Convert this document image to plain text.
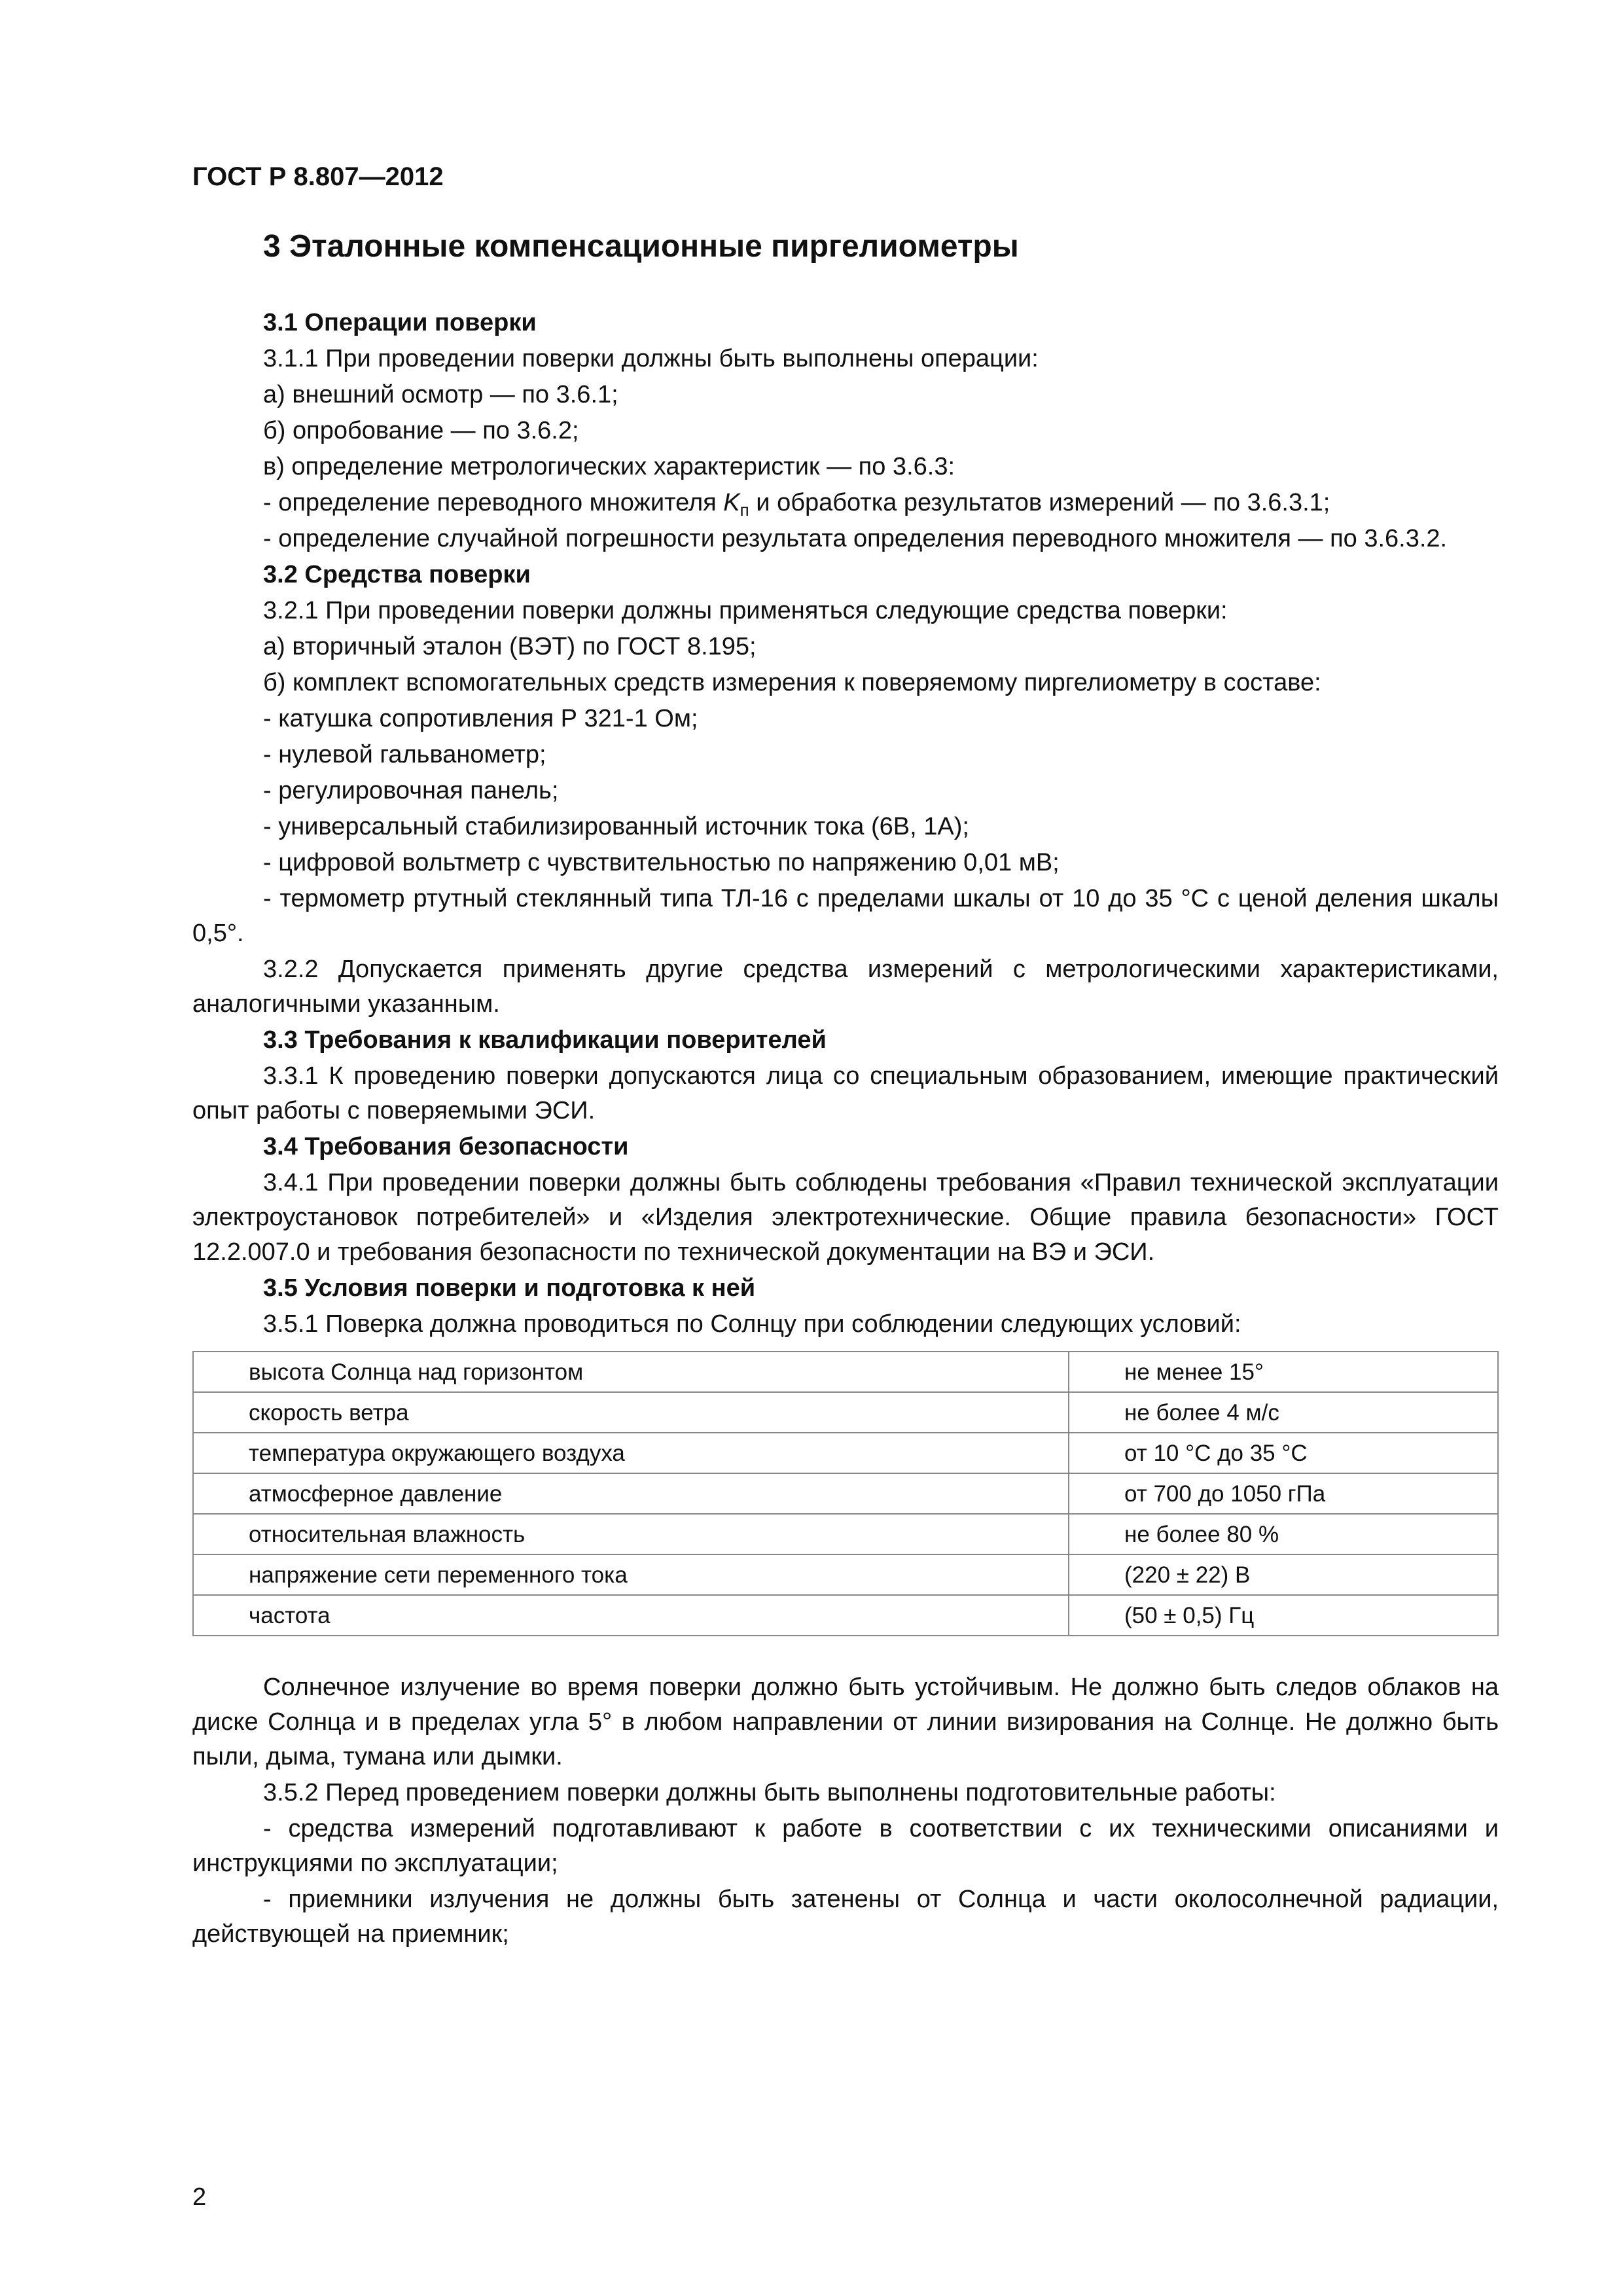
ГОСТ Р 8.807—2012
3 Эталонные компенсационные пиргелиометры
3.1 Операции поверки
3.1.1 При проведении поверки должны быть выполнены операции:
а) внешний осмотр — по 3.6.1;
б) опробование — по 3.6.2;
в) определение метрологических характеристик — по 3.6.3:
- определение переводного множителя $K_п$ и обработка результатов измерений — по 3.6.3.1;
- определение случайной погрешности результата определения переводного множителя — по 3.6.3.2.
3.2 Средства поверки
3.2.1 При проведении поверки должны применяться следующие средства поверки:
а) вторичный эталон (ВЭТ) по ГОСТ 8.195;
б) комплект вспомогательных средств измерения к поверяемому пиргелиометру в составе:
- катушка сопротивления Р 321-1 Ом;
- нулевой гальванометр;
- регулировочная панель;
- универсальный стабилизированный источник тока (6В, 1А);
- цифровой вольтметр с чувствительностью по напряжению 0,01 мВ;
- термометр ртутный стеклянный типа ТЛ-16 с пределами шкалы от 10 до 35 °С с ценой деления шкалы 0,5°.
3.2.2 Допускается применять другие средства измерений с метрологическими характеристиками, аналогичными указанным.
3.3 Требования к квалификации поверителей
3.3.1 К проведению поверки допускаются лица со специальным образованием, имеющие практический опыт работы с поверяемыми ЭСИ.
3.4 Требования безопасности
3.4.1 При проведении поверки должны быть соблюдены требования «Правил технической эксплуатации электроустановок потребителей» и «Изделия электротехнические. Общие правила безопасности» ГОСТ 12.2.007.0 и требования безопасности по технической документации на ВЭ и ЭСИ.
3.5 Условия поверки и подготовка к ней
3.5.1 Поверка должна проводиться по Солнцу при соблюдении следующих условий:
высота Солнца над горизонтом	не менее 15°
скорость ветра	не более 4 м/с
температура окружающего воздуха	от 10 °С до 35 °С
атмосферное давление	от 700 до 1050 гПа
относительная влажность	не более 80 %
напряжение сети переменного тока	(220 ± 22) В
частота	(50 ± 0,5) Гц
Солнечное излучение во время поверки должно быть устойчивым. Не должно быть следов облаков на диске Солнца и в пределах угла 5° в любом направлении от линии визирования на Солнце. Не должно быть пыли, дыма, тумана или дымки.
3.5.2 Перед проведением поверки должны быть выполнены подготовительные работы:
- средства измерений подготавливают к работе в соответствии с их техническими описаниями и инструкциями по эксплуатации;
- приемники излучения не должны быть затенены от Солнца и части околосолнечной радиации, действующей на приемник;
2
